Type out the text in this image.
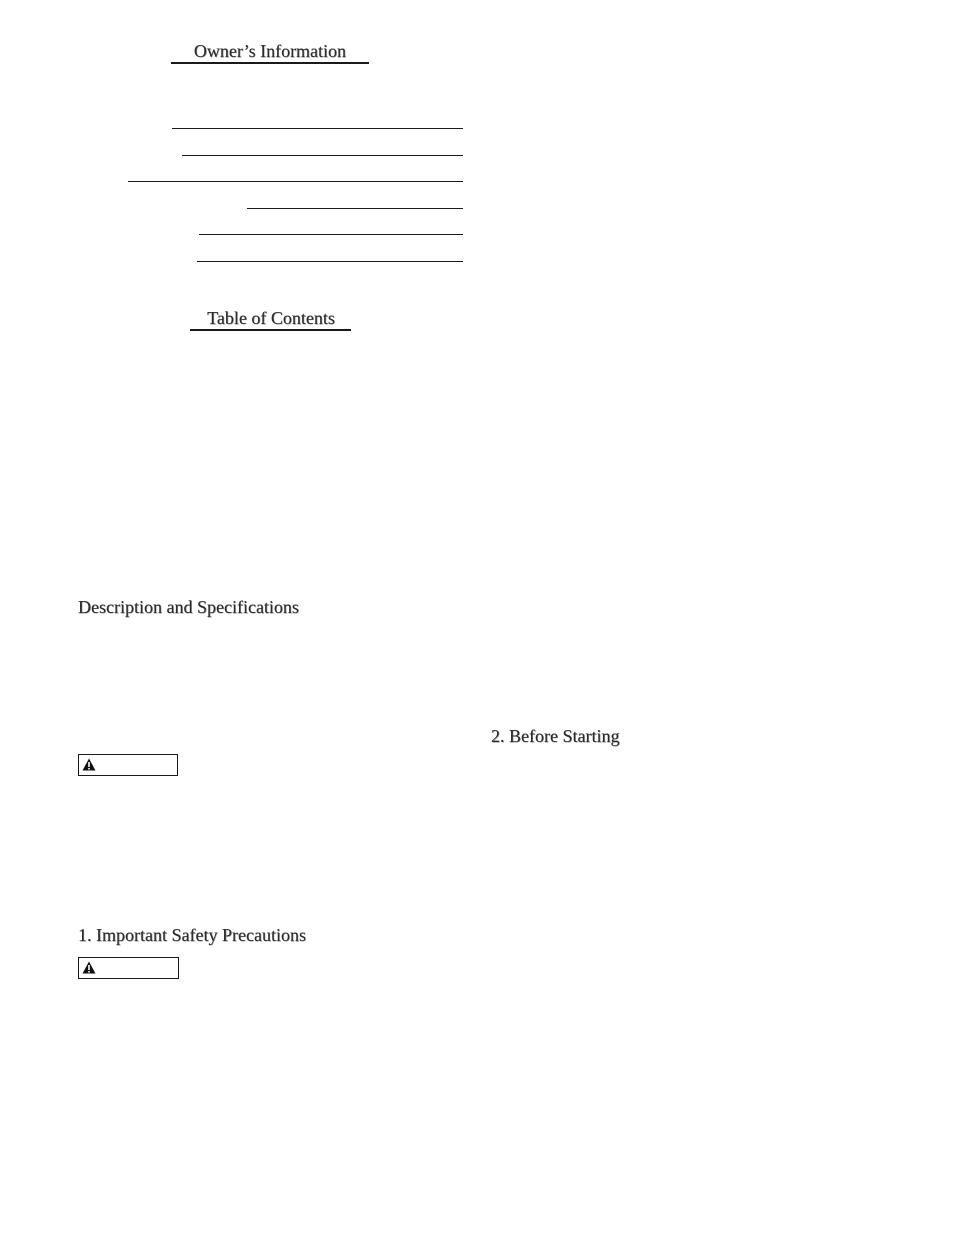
Owner’s Information
Table of Contents
Description and Specifications
2. Before Starting
1. Important Safety Precautions
